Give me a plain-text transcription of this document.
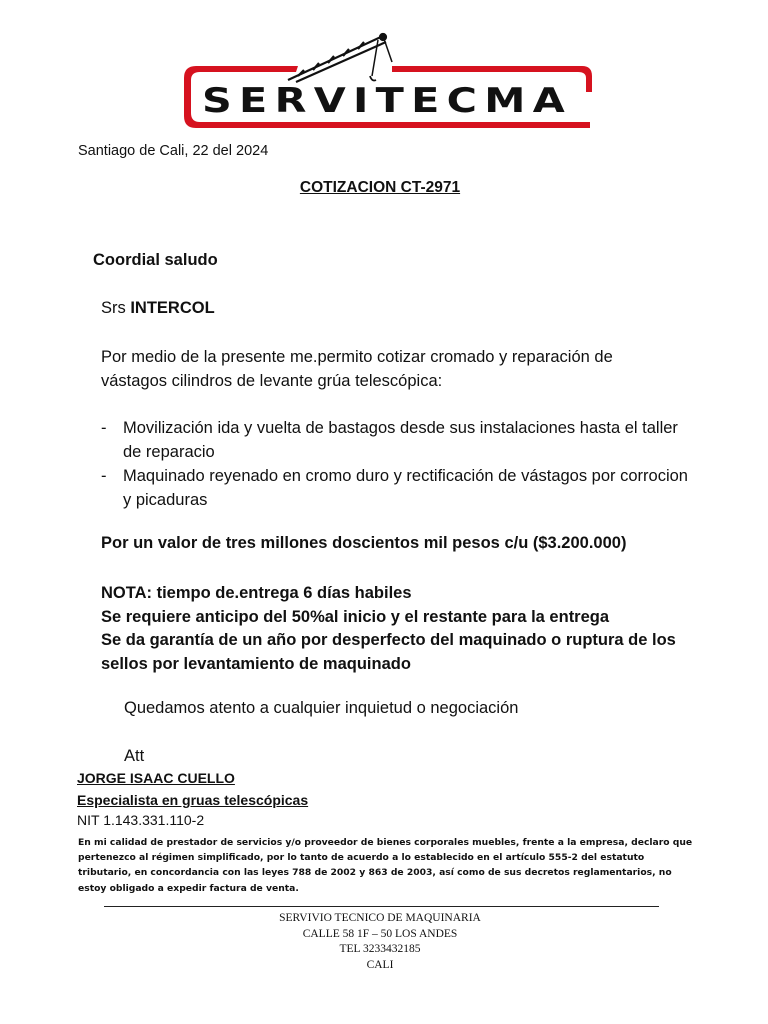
SERVITECMA
Santiago de Cali, 22 del 2024
COTIZACION CT-2971
Coordial saludo
Srs INTERCOL
Por medio de la presente me.permito cotizar cromado y reparación de vástagos cilindros de levante grúa telescópica:
- Movilización ida y vuelta de bastagos desde sus instalaciones hasta el taller de reparacio
- Maquinado reyenado en cromo duro y rectificación de vástagos por corrocion y picaduras
Por un valor de tres millones doscientos mil pesos c/u ($3.200.000)
NOTA: tiempo de.entrega 6 días habiles
Se requiere anticipo del 50%al inicio y el restante para la entrega
Se da garantía de un año por desperfecto del maquinado o ruptura de los sellos por levantamiento de maquinado
Quedamos atento a cualquier inquietud o negociación
Att
JORGE ISAAC CUELLO
Especialista en gruas telescópicas
NIT 1.143.331.110-2
En mi calidad de prestador de servicios y/o proveedor de bienes corporales muebles, frente a la empresa, declaro que pertenezco al régimen simplificado, por lo tanto de acuerdo a lo establecido en el artículo 555-2 del estatuto tributario, en concordancia con las leyes 788 de 2002 y 863 de 2003, así como de sus decretos reglamentarios, no estoy obligado a expedir factura de venta.
SERVIVIO TECNICO DE MAQUINARIA
CALLE 58 1F – 50 LOS ANDES
TEL 3233432185
CALI
